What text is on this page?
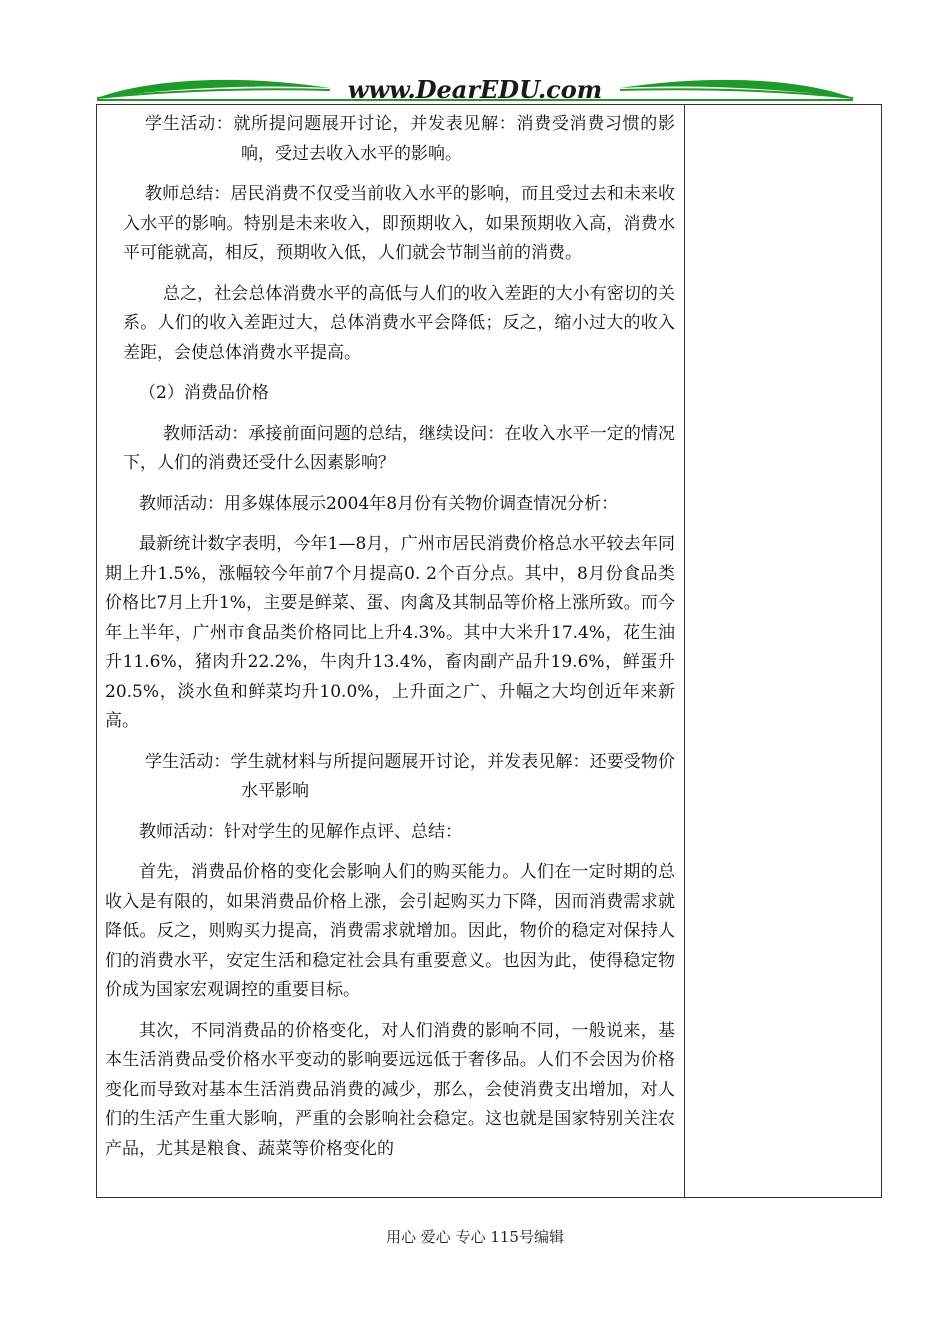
www.DearEDU.com

学生活动：就所提问题展开讨论，并发表见解：消费受消费习惯的影响，受过去收入水平的影响。

教师总结：居民消费不仅受当前收入水平的影响，而且受过去和未来收入水平的影响。特别是未来收入，即预期收入，如果预期收入高，消费水平可能就高，相反，预期收入低，人们就会节制当前的消费。

总之，社会总体消费水平的高低与人们的收入差距的大小有密切的关系。人们的收入差距过大，总体消费水平会降低；反之，缩小过大的收入差距，会使总体消费水平提高。

（2）消费品价格

教师活动：承接前面问题的总结，继续设问：在收入水平一定的情况下，人们的消费还受什么因素影响？

教师活动：用多媒体展示2004年8月份有关物价调查情况分析：

最新统计数字表明，今年1—8月，广州市居民消费价格总水平较去年同期上升1.5%，涨幅较今年前7个月提高0. 2个百分点。其中，8月份食品类价格比7月上升1%，主要是鲜菜、蛋、肉禽及其制品等价格上涨所致。而今年上半年，广州市食品类价格同比上升4.3%。其中大米升17.4%，花生油升11.6%，猪肉升22.2%，牛肉升13.4%，畜肉副产品升19.6%，鲜蛋升20.5%，淡水鱼和鲜菜均升10.0%，上升面之广、升幅之大均创近年来新高。

学生活动：学生就材料与所提问题展开讨论，并发表见解：还要受物价水平影响

教师活动：针对学生的见解作点评、总结：

首先，消费品价格的变化会影响人们的购买能力。人们在一定时期的总收入是有限的，如果消费品价格上涨，会引起购买力下降，因而消费需求就降低。反之，则购买力提高，消费需求就增加。因此，物价的稳定对保持人们的消费水平，安定生活和稳定社会具有重要意义。也因为此，使得稳定物价成为国家宏观调控的重要目标。

其次，不同消费品的价格变化，对人们消费的影响不同，一般说来，基本生活消费品受价格水平变动的影响要远远低于奢侈品。人们不会因为价格变化而导致对基本生活消费品消费的减少，那么，会使消费支出增加，对人们的生活产生重大影响，严重的会影响社会稳定。这也就是国家特别关注农产品，尤其是粮食、蔬菜等价格变化的

用心 爱心 专心 115号编辑
